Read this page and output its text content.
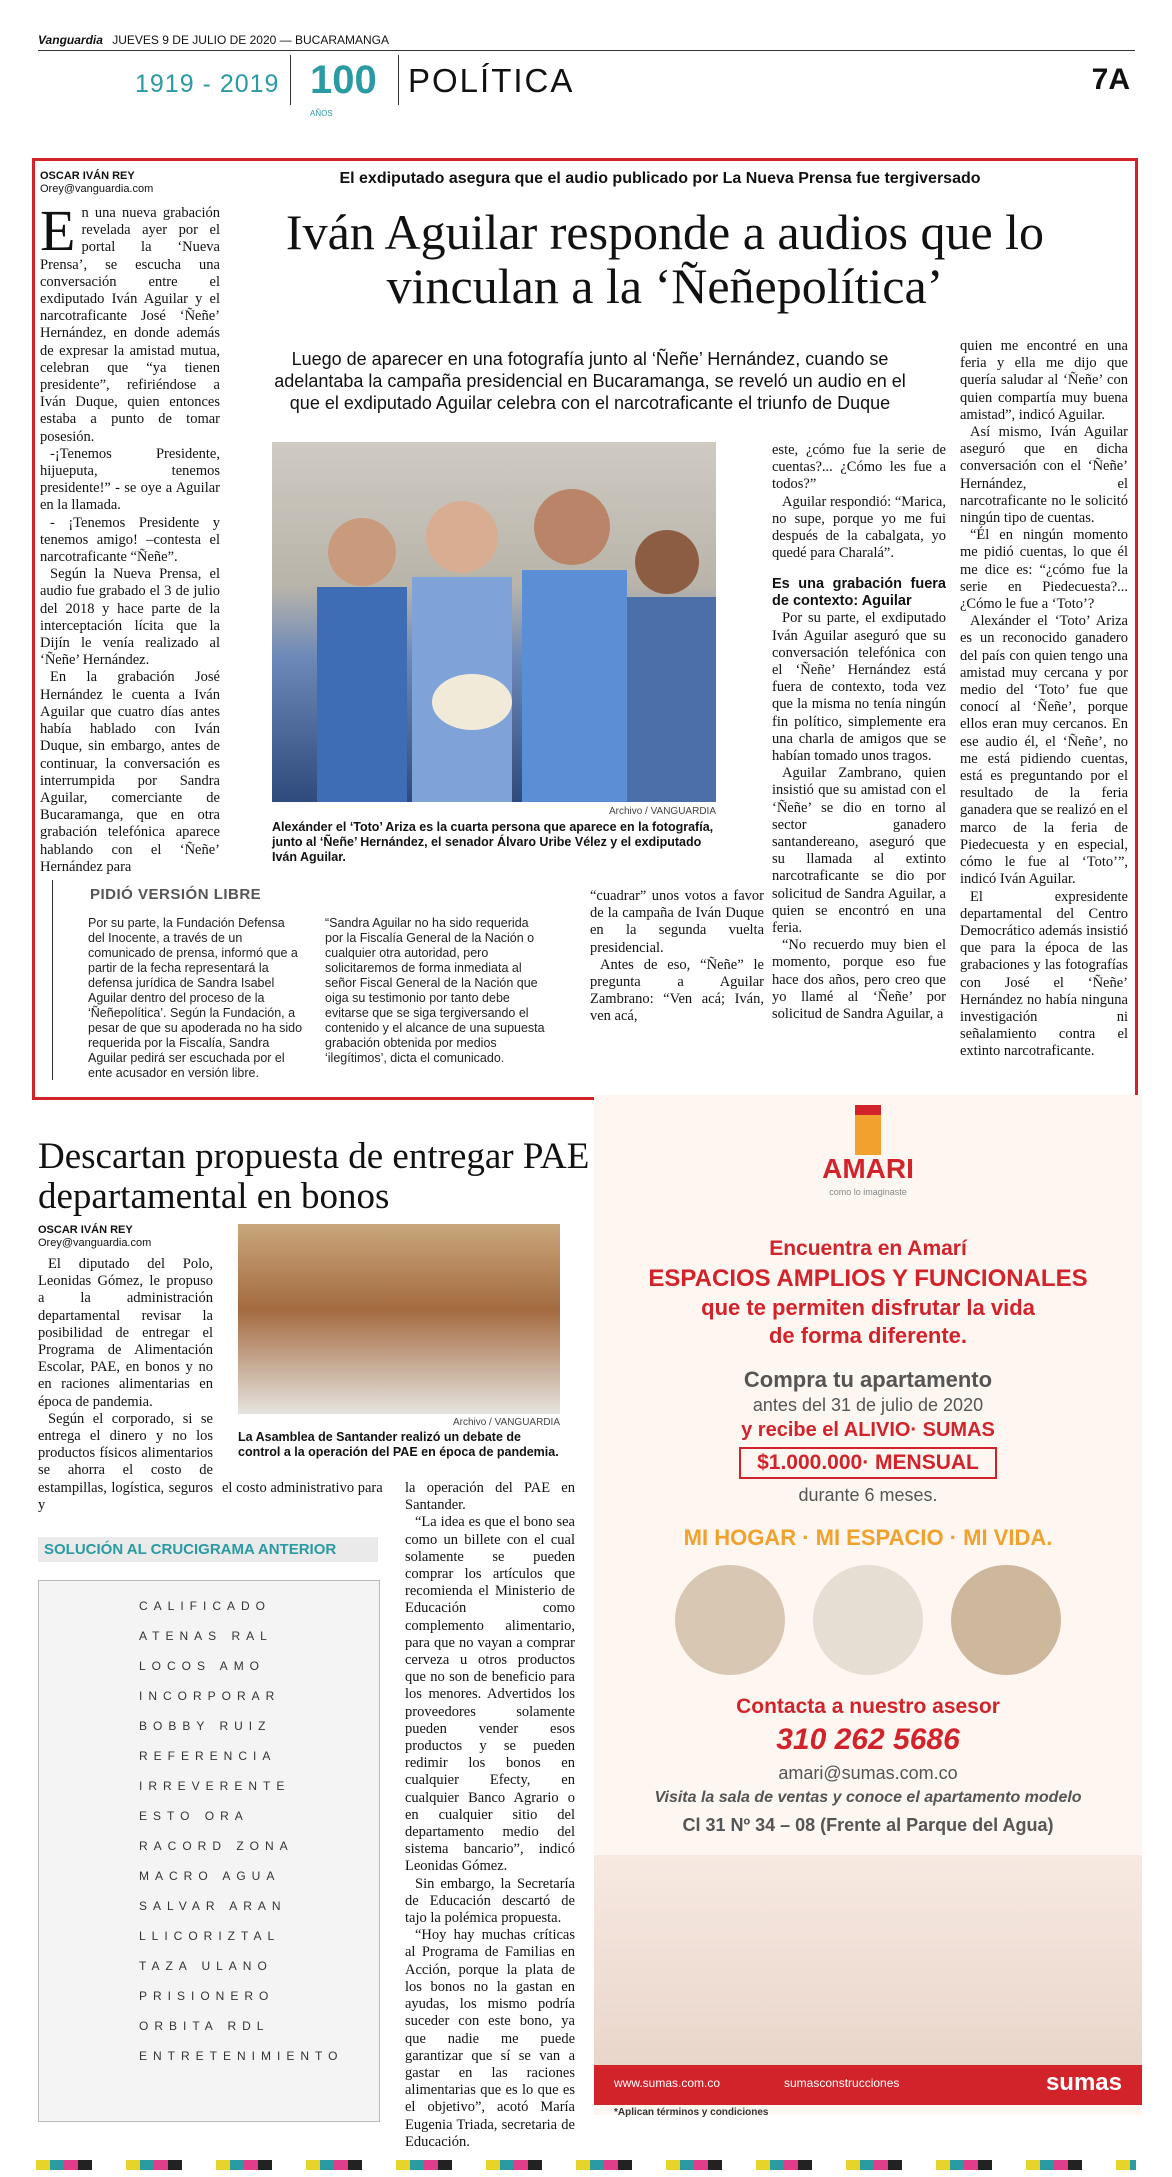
Vanguardia JUEVES 9 DE JULIO DE 2020 — BUCARAMANGA
1919 - 2019 100 AÑOS
POLÍTICA	7A
OSCAR IVÁN REY
Orey@vanguardia.com
El exdiputado asegura que el audio publicado por La Nueva Prensa fue tergiversado
Iván Aguilar responde a audios que lo vinculan a la ‘Ñeñepolítica’
Luego de aparecer en una fotografía junto al ‘Ñeñe’ Hernández, cuando se adelantaba la campaña presidencial en Bucaramanga, se reveló un audio en el que el exdiputado Aguilar celebra con el narcotraficante el triunfo de Duque
E n una nueva grabación revelada ayer por el portal la ‘Nueva Prensa’, se escucha una conversación entre el exdiputado Iván Aguilar y el narcotraficante José ‘Ñeñe’ Hernández, en donde además de expresar la amistad mutua, celebran que “ya tienen presidente”, refiriéndose a Iván Duque, quien entonces estaba a punto de tomar posesión.

-¡Tenemos Presidente, hijueputa, tenemos presidente!” - se oye a Aguilar en la llamada.

- ¡Tenemos Presidente y tenemos amigo! –contesta el narcotraficante “Ñeñe”.

Según la Nueva Prensa, el audio fue grabado el 3 de julio del 2018 y hace parte de la interceptación lícita que la Dijín le venía realizado al ‘Ñeñe’ Hernández.

En la grabación José Hernández le cuenta a Iván Aguilar que cuatro días antes había hablado con Iván Duque, sin embargo, antes de continuar, la conversación es interrumpida por Sandra Aguilar, comerciante de Bucaramanga, que en otra grabación telefónica aparece hablando con el ‘Ñeñe’ Hernández para

Archivo / VANGUARDIA
Alexánder el ‘Toto’ Ariza es la cuarta persona que aparece en la fotografía, junto al ‘Ñeñe’ Hernández, el senador Álvaro Uribe Vélez y el exdiputado Iván Aguilar.

este, ¿cómo fue la serie de cuentas?... ¿Cómo les fue a todos?”

Aguilar respondió: “Marica, no supe, porque yo me fui después de la cabalgata, yo quedé para Charalá”.

Es una grabación fuera de contexto: Aguilar

Por su parte, el exdiputado Iván Aguilar aseguró que su conversación telefónica con el ‘Ñeñe’ Hernández está fuera de contexto, toda vez que la misma no tenía ningún fin político, simplemente era una charla de amigos que se habían tomado unos tragos.

Aguilar Zambrano, quien insistió que su amistad con el ‘Ñeñe’ se dio en torno al sector ganadero santandereano, aseguró que su llamada al extinto narcotraficante se dio por solicitud de Sandra Aguilar, a quien se encontró en una feria.

“No recuerdo muy bien el momento, porque eso fue hace dos años, pero creo que yo llamé al ‘Ñeñe’ por solicitud de Sandra Aguilar, a

quien me encontré en una feria y ella me dijo que quería saludar al ‘Ñeñe’ con quien compartía muy buena amistad”, indicó Aguilar.

Así mismo, Iván Aguilar aseguró que en dicha conversación con el ‘Ñeñe’ Hernández, el narcotraficante no le solicitó ningún tipo de cuentas.

“Él en ningún momento me pidió cuentas, lo que él me dice es: “¿cómo fue la serie en Piedecuesta?... ¿Cómo le fue a ‘Toto’?

Alexánder el ‘Toto’ Ariza es un reconocido ganadero del país con quien tengo una amistad muy cercana y por medio del ‘Toto’ fue que conocí al ‘Ñeñe’, porque ellos eran muy cercanos. En ese audio él, el ‘Ñeñe’, no me está pidiendo cuentas, está es preguntando por el resultado de la feria ganadera que se realizó en el marco de la feria de Piedecuesta y en especial, cómo le fue al ‘Toto’”, indicó Iván Aguilar.

El expresidente departamental del Centro Democrático además insistió que para la época de las grabaciones y las fotografías con José el ‘Ñeñe’ Hernández no había ninguna investigación ni señalamiento contra el extinto narcotraficante.

“cuadrar” unos votos a favor de la campaña de Iván Duque en la segunda vuelta presidencial.

Antes de eso, “Ñeñe” le pregunta a Aguilar Zambrano: “Ven acá; Iván, ven acá,

PIDIÓ VERSIÓN LIBRE
Por su parte, la Fundación Defensa del Inocente, a través de un comunicado de prensa, informó que a partir de la fecha representará la defensa jurídica de Sandra Isabel Aguilar dentro del proceso de la ‘Ñeñepolítica’. Según la Fundación, a pesar de que su apoderada no ha sido requerida por la Fiscalía, Sandra Aguilar pedirá ser escuchada por el ente acusador en versión libre.
“Sandra Aguilar no ha sido requerida por la Fiscalía General de la Nación o cualquier otra autoridad, pero solicitaremos de forma inmediata al señor Fiscal General de la Nación que oiga su testimonio por tanto debe evitarse que se siga tergiversando el contenido y el alcance de una supuesta grabación obtenida por medios ‘ilegítimos’, dicta el comunicado.
Descartan propuesta de entregar PAE departamental en bonos
OSCAR IVÁN REY
Orey@vanguardia.com

El diputado del Polo, Leonidas Gómez, le propuso a la administración departamental revisar la posibilidad de entregar el Programa de Alimentación Escolar, PAE, en bonos y no en raciones alimentarias en época de pandemia.

Según el corporado, si se entrega el dinero y no los productos físicos alimentarios se ahorra el costo de estampillas, logística, seguros y

Archivo / VANGUARDIA
La Asamblea de Santander realizó un debate de control a la operación del PAE en época de pandemia.

el costo administrativo para	la operación del PAE en Santander.

“La idea es que el bono sea como un billete con el cual solamente se pueden comprar los artículos que recomienda el Ministerio de Educación como complemento alimentario, para que no vayan a comprar cerveza u otros productos que no son de beneficio para los menores. Advertidos los proveedores solamente pueden vender esos productos y se pueden redimir los bonos en cualquier Efecty, en cualquier Banco Agrario o en cualquier sitio del departamento medio del sistema bancario”, indicó Leonidas Gómez.

Sin embargo, la Secretaría de Educación descartó de tajo la polémica propuesta.

“Hoy hay muchas críticas al Programa de Familias en Acción, porque la plata de los bonos no la gastan en ayudas, los mismo podría suceder con este bono, ya que nadie me puede garantizar que sí se van a gastar en las raciones alimentarias que es lo que es el objetivo”, acotó María Eugenia Triada, secretaria de Educación.

SOLUCIÓN AL CRUCIGRAMA ANTERIOR
CALIFICADO
ATENAS RAL
LOCOS AMO
INCORPORAR
BOBBY RUIZ
REFERENCIA
IRREVERENTE
ESTO ORA
RACORD ZONA
MACRO AGUA
SALVAR ARAN
LLICORIZTAL
TAZA ULANO
PRISIONERO
ORBITA RDL
ENTRETENIMIENTO
AMARI
como lo imaginaste
Encuentra en Amarí
ESPACIOS AMPLIOS Y FUNCIONALES
que te permiten disfrutar la vida
de forma diferente.
Compra tu apartamento
antes del 31 de julio de 2020
y recibe el ALIVIO· SUMAS
$1.000.000· MENSUAL
durante 6 meses.
MI HOGAR · MI ESPACIO · MI VIDA.

Contacta a nuestro asesor
310 262 5686
amari@sumas.com.co
Visita la sala de ventas y conoce el apartamento modelo
Cl 31 Nº 34 – 08 (Frente al Parque del Agua)
www.sumas.com.co	sumasconstrucciones	sumas
*Aplican términos y condiciones
